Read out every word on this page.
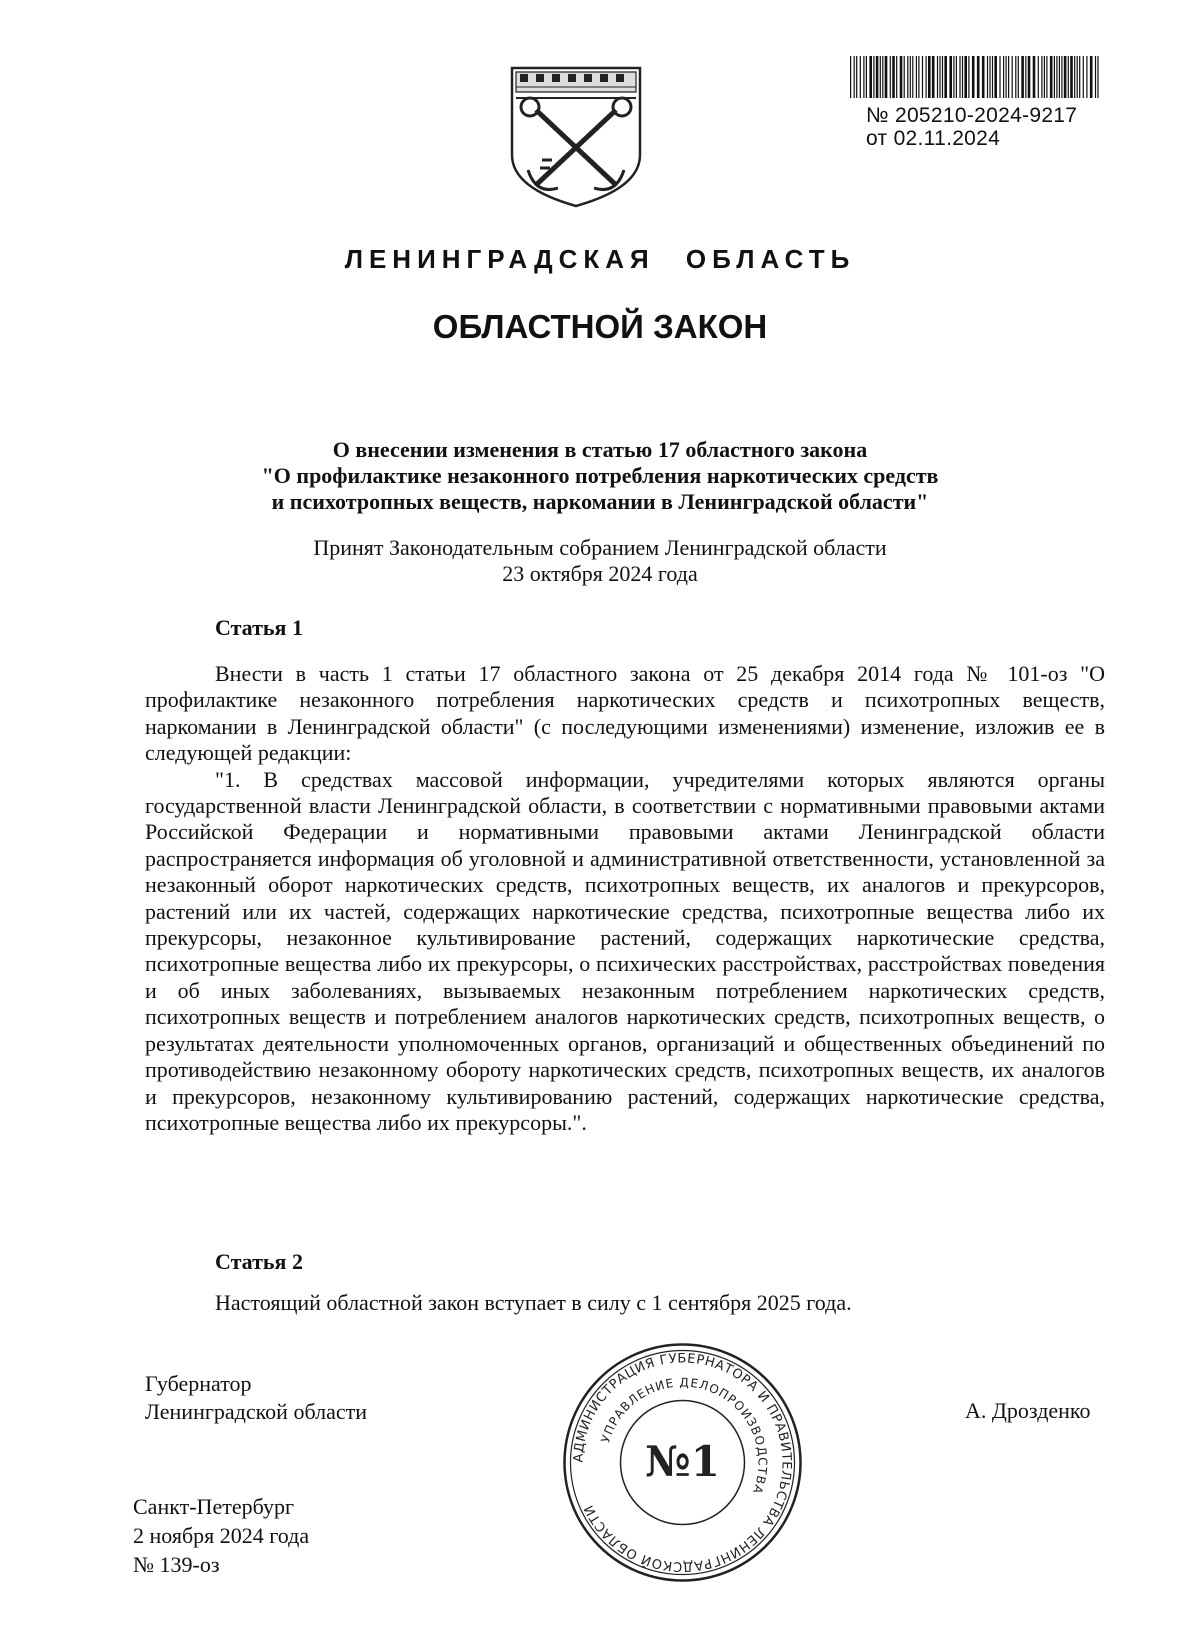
№ 205210-2024-9217
от 02.11.2024
ЛЕНИНГРАДСКАЯ ОБЛАСТЬ
ОБЛАСТНОЙ ЗАКОН
О внесении изменения в статью 17 областного закона
"О профилактике незаконного потребления наркотических средств
и психотропных веществ, наркомании в Ленинградской области"
Принят Законодательным собранием Ленинградской области
23 октября 2024 года
Статья 1

Внести в часть 1 статьи 17 областного закона от 25 декабря 2014 года № 101-оз "О профилактике незаконного потребления наркотических средств и психотропных веществ, наркомании в Ленинградской области" (с последующими изменениями) изменение, изложив ее в следующей редакции:

"1. В средствах массовой информации, учредителями которых являются органы государственной власти Ленинградской области, в соответствии с нормативными правовыми актами Российской Федерации и нормативными правовыми актами Ленинградской области распространяется информация об уголовной и административной ответственности, установленной за незаконный оборот наркотических средств, психотропных веществ, их аналогов и прекурсоров, растений или их частей, содержащих наркотические средства, психотропные вещества либо их прекурсоры, незаконное культивирование растений, содержащих наркотические средства, психотропные вещества либо их прекурсоры, о психических расстройствах, расстройствах поведения и об иных заболеваниях, вызываемых незаконным потреблением наркотических средств, психотропных веществ и потреблением аналогов наркотических средств, психотропных веществ, о результатах деятельности уполномоченных органов, организаций и общественных объединений по противодействию незаконному обороту наркотических средств, психотропных веществ, их аналогов и прекурсоров, незаконному культивированию растений, содержащих наркотические средства, психотропные вещества либо их прекурсоры.".

Статья 2
Настоящий областной закон вступает в силу с 1 сентября 2025 года.
Губернатор
Ленинградской области	А. Дрозденко
АДМИНИСТРАЦИЯ ГУБЕРНАТОРА И ПРАВИТЕЛЬСТВА ЛЕНИНГРАДСКОЙ ОБЛАСТИ
УПРАВЛЕНИЕ ДЕЛОПРОИЗВОДСТВА
№1
Санкт-Петербург
2 ноября 2024 года
№ 139-оз
